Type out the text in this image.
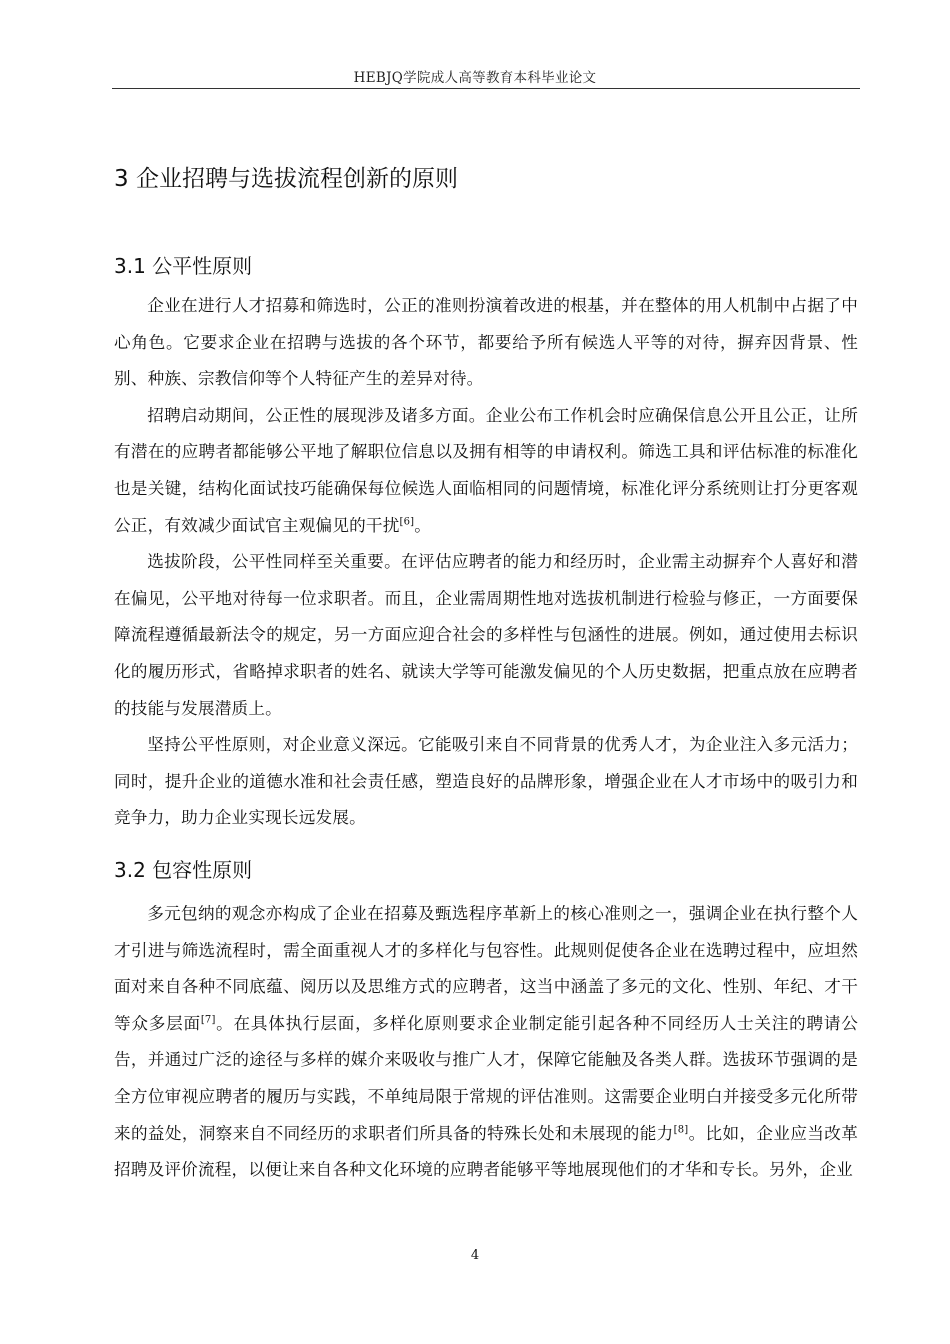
HEBJQ学院成人高等教育本科毕业论文
3 企业招聘与选拔流程创新的原则
3.1 公平性原则

企业在进行人才招募和筛选时，公正的准则扮演着改进的根基，并在整体的用人机制中占据了中心角色。它要求企业在招聘与选拔的各个环节，都要给予所有候选人平等的对待，摒弃因背景、性别、种族、宗教信仰等个人特征产生的差异对待。

招聘启动期间，公正性的展现涉及诸多方面。企业公布工作机会时应确保信息公开且公正，让所有潜在的应聘者都能够公平地了解职位信息以及拥有相等的申请权利。筛选工具和评估标准的标准化也是关键，结构化面试技巧能确保每位候选人面临相同的问题情境，标准化评分系统则让打分更客观公正，有效减少面试官主观偏见的干扰[6]。

选拔阶段，公平性同样至关重要。在评估应聘者的能力和经历时，企业需主动摒弃个人喜好和潜在偏见，公平地对待每一位求职者。而且，企业需周期性地对选拔机制进行检验与修正，一方面要保障流程遵循最新法令的规定，另一方面应迎合社会的多样性与包涵性的进展。例如，通过使用去标识化的履历形式，省略掉求职者的姓名、就读大学等可能激发偏见的个人历史数据，把重点放在应聘者的技能与发展潜质上。

坚持公平性原则，对企业意义深远。它能吸引来自不同背景的优秀人才，为企业注入多元活力；同时，提升企业的道德水准和社会责任感，塑造良好的品牌形象，增强企业在人才市场中的吸引力和竞争力，助力企业实现长远发展。

3.2 包容性原则

多元包纳的观念亦构成了企业在招募及甄选程序革新上的核心准则之一，强调企业在执行整个人才引进与筛选流程时，需全面重视人才的多样化与包容性。此规则促使各企业在选聘过程中，应坦然面对来自各种不同底蕴、阅历以及思维方式的应聘者，这当中涵盖了多元的文化、性别、年纪、才干等众多层面[7]。在具体执行层面，多样化原则要求企业制定能引起各种不同经历人士关注的聘请公告，并通过广泛的途径与多样的媒介来吸收与推广人才，保障它能触及各类人群。选拔环节强调的是全方位审视应聘者的履历与实践，不单纯局限于常规的评估准则。这需要企业明白并接受多元化所带来的益处，洞察来自不同经历的求职者们所具备的特殊长处和未展现的能力[8]。比如，企业应当改革招聘及评价流程，以便让来自各种文化环境的应聘者能够平等地展现他们的才华和专长。另外，企业

4
